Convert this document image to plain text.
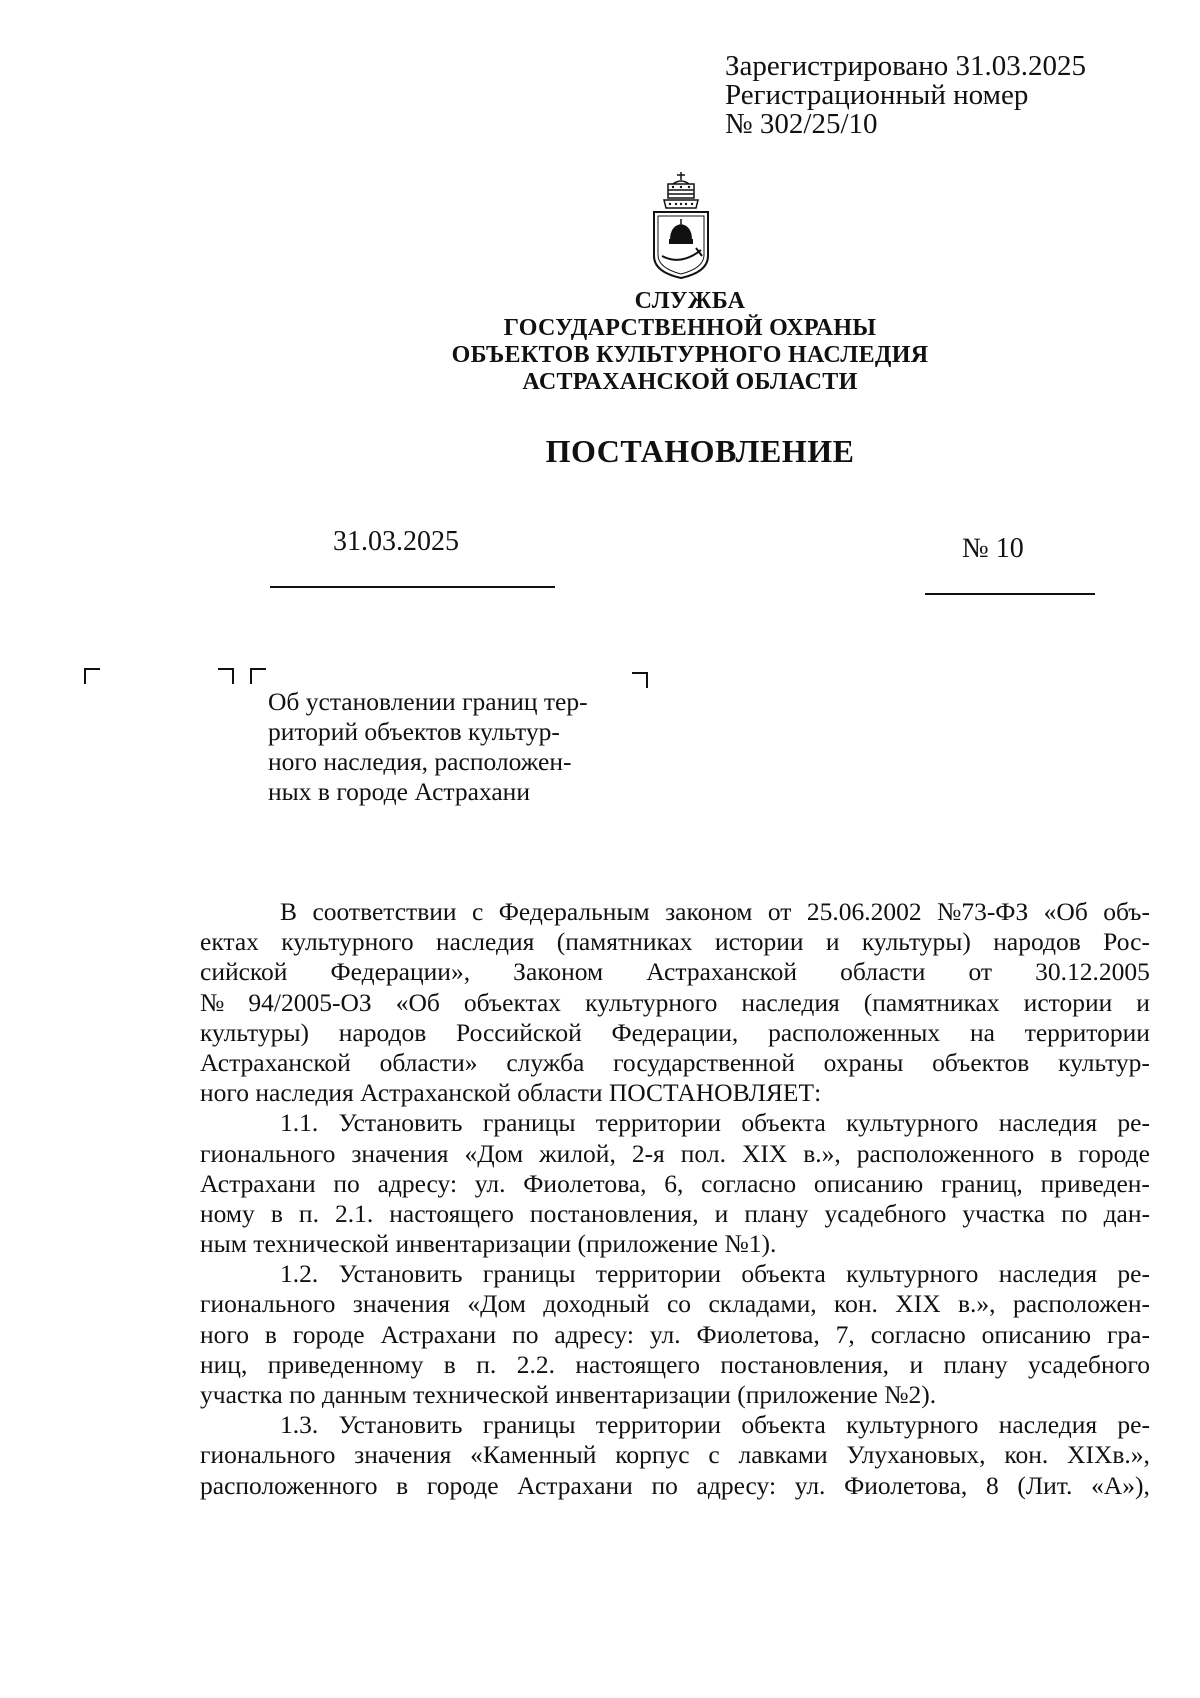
Зарегистрировано 31.03.2025
Регистрационный номер
№ 302/25/10
СЛУЖБА
ГОСУДАРСТВЕННОЙ ОХРАНЫ
ОБЪЕКТОВ КУЛЬТУРНОГО НАСЛЕДИЯ
АСТРАХАНСКОЙ ОБЛАСТИ
ПОСТАНОВЛЕНИЕ
31.03.2025	№ 10
Об установлении границ тер-
риторий объектов культур-
ного наследия, расположен-
ных в городе Астрахани
В соответствии с Федеральным законом от 25.06.2002 №73-ФЗ «Об объ-
ектах культурного наследия (памятниках истории и культуры) народов Рос-
сийской Федерации», Законом Астраханской области от 30.12.2005
№ 94/2005-ОЗ «Об объектах культурного наследия (памятниках истории и
культуры) народов Российской Федерации, расположенных на территории
Астраханской области» служба государственной охраны объектов культур-
ного наследия Астраханской области ПОСТАНОВЛЯЕТ:
1.1. Установить границы территории объекта культурного наследия ре-
гионального значения «Дом жилой, 2-я пол. XIX в.», расположенного в городе
Астрахани по адресу: ул. Фиолетова, 6, согласно описанию границ, приведен-
ному в п. 2.1. настоящего постановления, и плану усадебного участка по дан-
ным технической инвентаризации (приложение №1).
1.2. Установить границы территории объекта культурного наследия ре-
гионального значения «Дом доходный со складами, кон. XIX в.», расположен-
ного в городе Астрахани по адресу: ул. Фиолетова, 7, согласно описанию гра-
ниц, приведенному в п. 2.2. настоящего постановления, и плану усадебного
участка по данным технической инвентаризации (приложение №2).
1.3. Установить границы территории объекта культурного наследия ре-
гионального значения «Каменный корпус с лавками Улухановых, кон. XIXв.»,
расположенного в городе Астрахани по адресу: ул. Фиолетова, 8 (Лит. «А»),
